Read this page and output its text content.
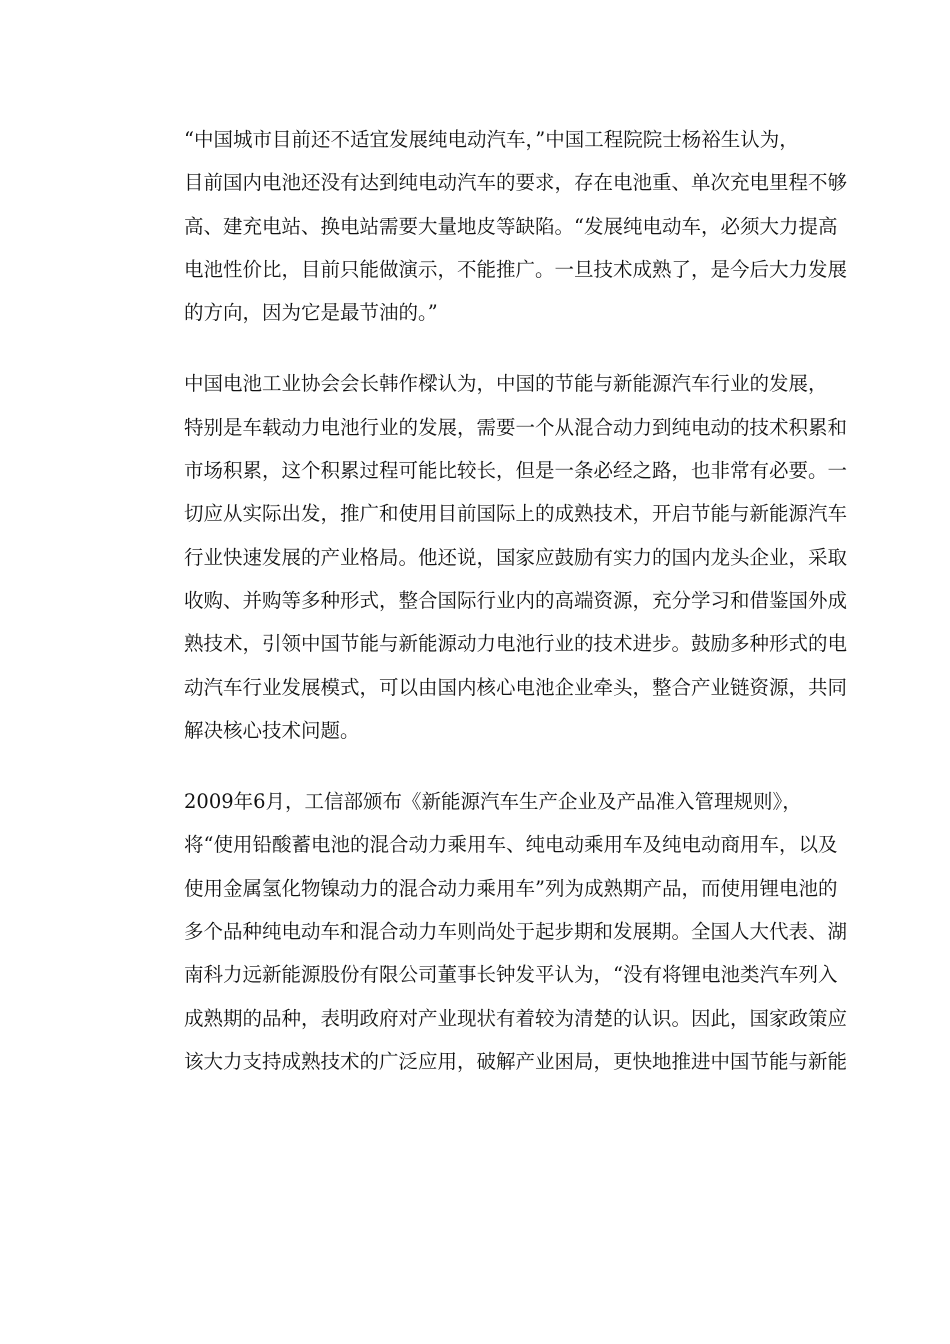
“中国城市目前还不适宜发展纯电动汽车，”中国工程院院士杨裕生认为，
目前国内电池还没有达到纯电动汽车的要求，存在电池重、单次充电里程不够
高、建充电站、换电站需要大量地皮等缺陷。“发展纯电动车，必须大力提高
电池性价比，目前只能做演示，不能推广。一旦技术成熟了，是今后大力发展
的方向，因为它是最节油的。”

中国电池工业协会会长韩作樑认为，中国的节能与新能源汽车行业的发展，
特别是车载动力电池行业的发展，需要一个从混合动力到纯电动的技术积累和
市场积累，这个积累过程可能比较长，但是一条必经之路，也非常有必要。一
切应从实际出发，推广和使用目前国际上的成熟技术，开启节能与新能源汽车
行业快速发展的产业格局。他还说，国家应鼓励有实力的国内龙头企业，采取
收购、并购等多种形式，整合国际行业内的高端资源，充分学习和借鉴国外成
熟技术，引领中国节能与新能源动力电池行业的技术进步。鼓励多种形式的电
动汽车行业发展模式，可以由国内核心电池企业牵头，整合产业链资源，共同
解决核心技术问题。

2009年6月，工信部颁布《新能源汽车生产企业及产品准入管理规则》，
将“使用铅酸蓄电池的混合动力乘用车、纯电动乘用车及纯电动商用车，以及
使用金属氢化物镍动力的混合动力乘用车”列为成熟期产品，而使用锂电池的
多个品种纯电动车和混合动力车则尚处于起步期和发展期。全国人大代表、湖
南科力远新能源股份有限公司董事长钟发平认为，“没有将锂电池类汽车列入
成熟期的品种，表明政府对产业现状有着较为清楚的认识。因此，国家政策应
该大力支持成熟技术的广泛应用，破解产业困局，更快地推进中国节能与新能
